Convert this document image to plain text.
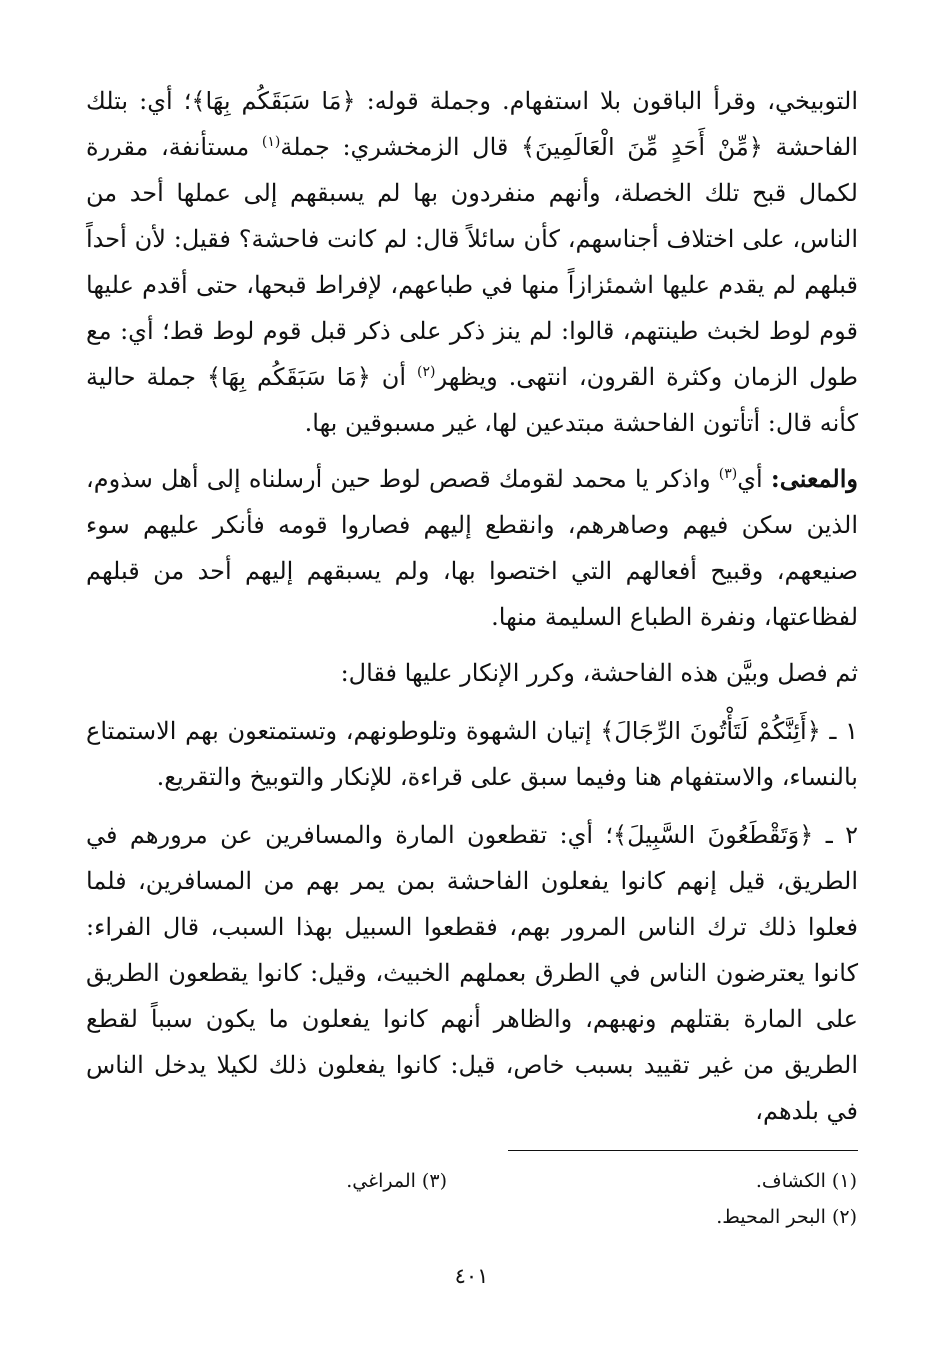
التوبيخي، وقرأ الباقون بلا استفهام. وجملة قوله: ﴿مَا سَبَقَكُم بِهَا﴾؛ أي: بتلك الفاحشة ﴿مِّنْ أَحَدٍ مِّنَ الْعَالَمِينَ﴾ قال الزمخشري: جملة$^{(١)}$ مستأنفة، مقررة لكمال قبح تلك الخصلة، وأنهم منفردون بها لم يسبقهم إلى عملها أحد من الناس، على اختلاف أجناسهم، كأن سائلاً قال: لم كانت فاحشة؟ فقيل: لأن أحداً قبلهم لم يقدم عليها اشمئزازاً منها في طباعهم، لإفراط قبحها، حتى أقدم عليها قوم لوط لخبث طينتهم، قالوا: لم ينز ذكر على ذكر قبل قوم لوط قط؛ أي: مع طول الزمان وكثرة القرون، انتهى. ويظهر$^{(٢)}$ أن ﴿مَا سَبَقَكُم بِهَا﴾ جملة حالية كأنه قال: أتأتون الفاحشة مبتدعين لها، غير مسبوقين بها.

والمعنى: أي$^{(٣)}$ واذكر يا محمد لقومك قصص لوط حين أرسلناه إلى أهل سذوم، الذين سكن فيهم وصاهرهم، وانقطع إليهم فصاروا قومه فأنكر عليهم سوء صنيعهم، وقبيح أفعالهم التي اختصوا بها، ولم يسبقهم إليهم أحد من قبلهم لفظاعتها، ونفرة الطباع السليمة منها.

ثم فصل وبيَّن هذه الفاحشة، وكرر الإنكار عليها فقال:

١ ـ ﴿أَئِنَّكُمْ لَتَأْتُونَ الرِّجَالَ﴾ إتيان الشهوة وتلوطونهم، وتستمتعون بهم الاستمتاع بالنساء، والاستفهام هنا وفيما سبق على قراءة، للإنكار والتوبيخ والتقريع.

٢ ـ ﴿وَتَقْطَعُونَ السَّبِيلَ﴾؛ أي: تقطعون المارة والمسافرين عن مرورهم في الطريق، قيل إنهم كانوا يفعلون الفاحشة بمن يمر بهم من المسافرين، فلما فعلوا ذلك ترك الناس المرور بهم، فقطعوا السبيل بهذا السبب، قال الفراء: كانوا يعترضون الناس في الطرق بعملهم الخبيث، وقيل: كانوا يقطعون الطريق على المارة بقتلهم ونهبهم، والظاهر أنهم كانوا يفعلون ما يكون سبباً لقطع الطريق من غير تقييد بسبب خاص، قيل: كانوا يفعلون ذلك لكيلا يدخل الناس في بلدهم،

(١) الكشاف.
(٣) المراغي.
(٢) البحر المحيط.
٤٠١
